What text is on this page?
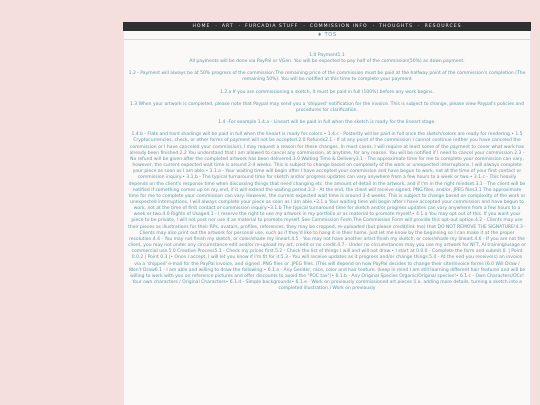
HOME	·	ART	·	FURCADIA STUFF	·	COMMISSION INFO	·	THOUGHTS	·	RESOURCES
♦ TOS

1.0 Payment1.1
All payments will be done via PayPal or VGen. You will be expected to pay half of the commission(50%) as down payment.

1.2 - Payment will always be at 50% progress of the commission:The remaining price of the commission must be paid at the halfway point of the commission's completion (The remaining 50%). You will be notified at this time to complete your payment

1.2.a If you are commissioning a sketch, it must be paid in full (100%) before any work begins.

1.3 When your artwork is completed, please note that Paypal may send you a 'shipped' notification for the invoice. This is subject to change, please view Paypal's policies and procedures for clarification.

1.4 -For example 1.4.a - Lineart will be paid in full when the sketch is ready for the lineart stage.

1.4.b - Flats and hard shadings will be paid in full when the lineart is ready for colors.• 1.4.c - Posterity will be paid in full once the sketch/colors are ready for rendering.• 1.5 Cryptocurrencies, check, or other forms of payment will not be accepted.2.0 Refunds2.1 - If at any point of the commission I cannot continue (either you have canceled the commission or I have canceled your commission), I may request a reason for these changes. In most cases, I will require at least some of the payment to cover what work has already been finished.2.2 You understand that I am allowed to cancel any commission, at anytime, for any reason. You will be notified if I need to cancel your commission.2.3 - No refund will be given after the completed artwork has been delivered.3.0 Waiting Time & Delivery3.1 - The approximate time for me to complete your commission can vary, however, the current expected wait time is around 2-4 weeks. This is subject to change based on complexity of the work or unexpected interruptions. I will always complete your piece as soon as I am able.• 3.1.a - Your waiting time will begin after I have accepted your commission and have begun to work, not at the time of your first contact or commission inquiry.• 3.1.b - The typical turnaround time for sketch and/or progress updates can vary anywhere from a few hours to a week or two.• 3.1.c - This heavily depends on the client's response time when discussing things that need changing etc. the amount of detail in the artwork, and if I'm in the right mindset.3.1 - The client will be notified if something comes up on my end, if it will extend the waiting period.3.3 - At the end, the client will receive signed, PNG files, and/or, JPEG files3.1 The approximate time for me to complete your commission can vary. However, the current expected wait time is around 3-4 weeks. This is subject to change based on complexity of the work or unexpected interruptions, I will always complete your piece as soon as I am able.•3.1.a Your waiting time will begin after I have accepted your commission and have begun to work, not at the time of first contact or commission inquiry.•3.1.b The typical turnaround time for sketch and/or progress updates can vary anywhere from a few hours to a week or two.4.0 Rights of Usage4.1 - I reserve the right to use my artwork in my portfolio or as material to promote myself.• 4.1.a You may opt out of this. If you want your piece to be private, I will not post nor use it as material to promote myself. See Commission Form.The Commission Form will provide this opt-out option.4.2 - Clients may use their pieces as illustrations for their RPs, avatars, profiles, references, they may be cropped, re-uploaded (but please credit/link me) that DO NOT REMOVE THE SIGNATURE!4.3 - Clients may also print out the artwork for personal use, such as if they'd like to hang it in their home. Just let me know by the beginning so I can make it at the proper resolution.4.4 - You may not finish my sketch, or color/shade my lineart.4.5 - You may not have another artist finish my sketch, or color/shade my lineart.4.6 - If you are not the client, you may not under any circumstance edit and/or re-upload my art, credit or no credit.4.7 - Under no circumstances may you use my artwork for NFT, AI training/usage or commercial use.5.0 Creative Process5.1 - Check my prices first.5.2 - Check the list of things I will and will not draw.• I start at 0.0.0 - Complete the form and submit.0. | Point 0.0.2 | Point 0.3 |• Once I accept, I will let you know if I'm fit for it.5.3 - You will receive updates as it progress and/or change things.5.4 - At the end you receive(s) an invoice via a 'shipped' e-mail for the PayPal invoice, and signed .PNG files or .JPEG files. (This will depend on how PayPal decides to change their site)Invoice forms (6.0 Will Draw / Won't Draw6.1 - I am able and willing to draw the following:• 6.1.a - Any Gender, race, color and hair texture. (keep in mind I am still learning different hair features and will be willing to work with you on reference pictures and offer discounts to avoid the "POC tax")• 6.1.b - Any Original Species Organic/Original species!• 6.1.c - Own Characters/OCs! Your own characters / Original Characters• 6.1.d - Simple backgrounds• 6.1.e - Work on previously commissioned art pieces (i.e. adding more details, turning a sketch into a completed illustration.) Work on previously
